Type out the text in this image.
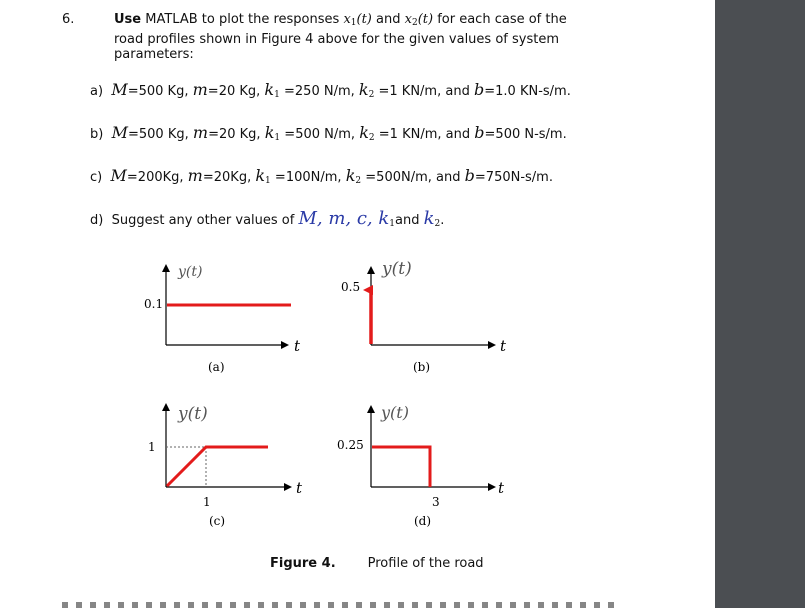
6.	Use MATLAB to plot the responses $x_1(t)$ and $x_2(t)$ for each case of the
road profiles shown in Figure 4 above for the given values of system
parameters:
a) M=500 Kg, m=20 Kg, $k_1 =250$ N/m, $k_2 =1$ KN/m, and b=1.0 KN-s/m.
b) M=500 Kg, m=20 Kg, $k_1 =500$ N/m, $k_2 =1$ KN/m, and b=500 N-s/m.
c) M=200Kg, m=20Kg, $k_1 =100N/m$, $k_2 =500N/m$, and b=750N-s/m.
d) Suggest any other values of M, m, c, $k_1and$ $k_2$.
y(t)
0.1
t
(a)
y(t)
0.5
t
(b)
y(t)
1
1
t
(c)
y(t)
0.25
3
t
(d)
Figure 4. Profile of the road
